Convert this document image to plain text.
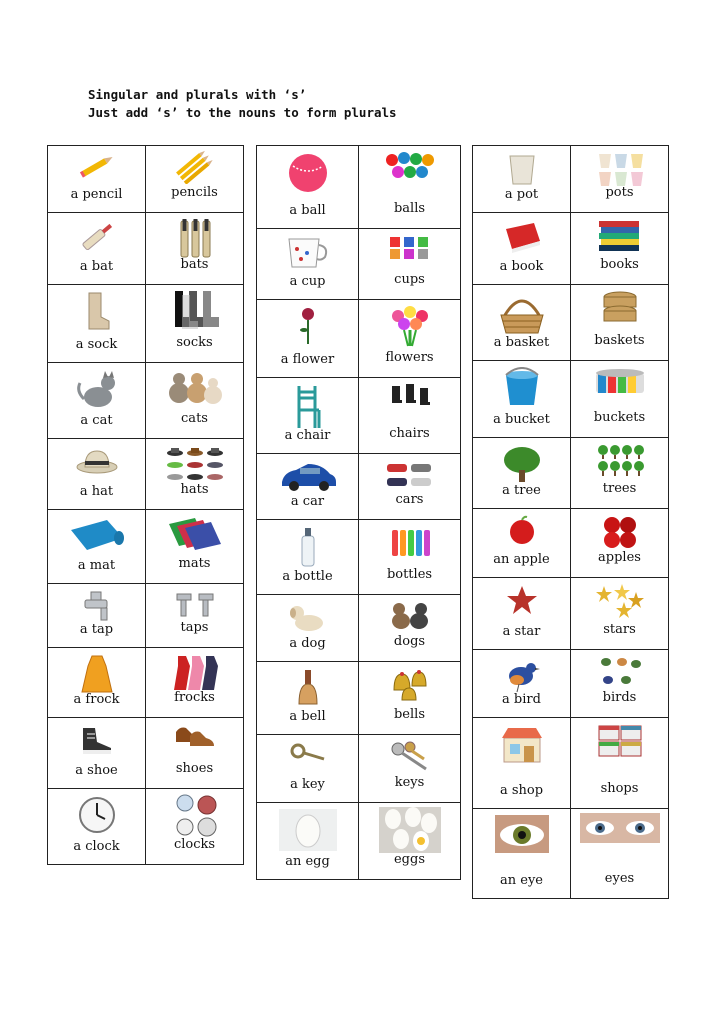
Singular and plurals with ‘s’
Just add ‘s’ to the nouns to form plurals
a pencil	pencils

a bat	bats

a sock	socks

a cat	cats

a hat	hats

a mat	mats

a tap	taps

a frock	frocks

a shoe	shoes

a clock	clocks
a ball	balls

a cup	cups

a flower	flowers

a chair	chairs

a car	cars

a bottle	bottles

a dog	dogs

a bell	bells

a key	keys

an egg	eggs
a pot	pots

a book	books

a basket	baskets

a bucket	buckets

a tree	trees

an apple	apples

a star	stars

a bird	birds

a shop	shops

an eye	eyes
